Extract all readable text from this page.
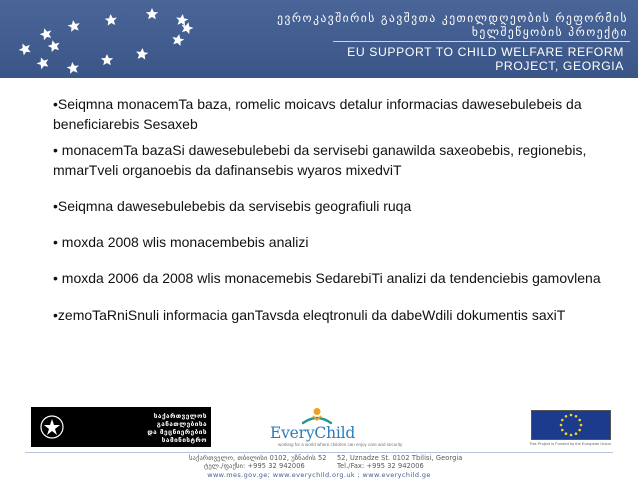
ევროკავშირის გავშვთა კეთილდღეობის რეფორმის
ხელშეწყობის პროექტი
EU SUPPORT TO CHILD WELFARE REFORM
PROJECT, GEORGIA

•Seiqmna monacemTa baza, romelic moicavs detalur informacias dawesebulebeis da beneficiarebis Sesaxeb

• monacemTa bazaSi dawesebulebebi da servisebi ganawilda saxeobebis, regionebis, mmarTveli organoebis da dafinansebis wyaros mixedviT

•Seiqmna dawesebulebebis da servisebis geografiuli ruqa

• moxda 2008 wlis monacembebis analizi

• moxda 2006 da 2008 wlis monacemebis SedarebiTi analizi da tendenciebis gamovlena

•zemoTaRniSnuli informacia ganTavsda eleqtronuli da dabeWdili dokumentis saxiT

საქართველოს
განათლებისა
და მეცნიერების
სამინისტრო	EveryChild
working for a world where children can enjoy care and security	This Project is Funded by the European Union
საქართველო, თბილისი 0102, უზნაძის 52
ტელ./ფაქსი: +995 32 942006
52, Uznadze St. 0102 Tbilisi, Georgia
Tel./Fax: +995 32 942006
www.mes.gov.ge; www.everychild.org.uk ; www.everychild.ge
